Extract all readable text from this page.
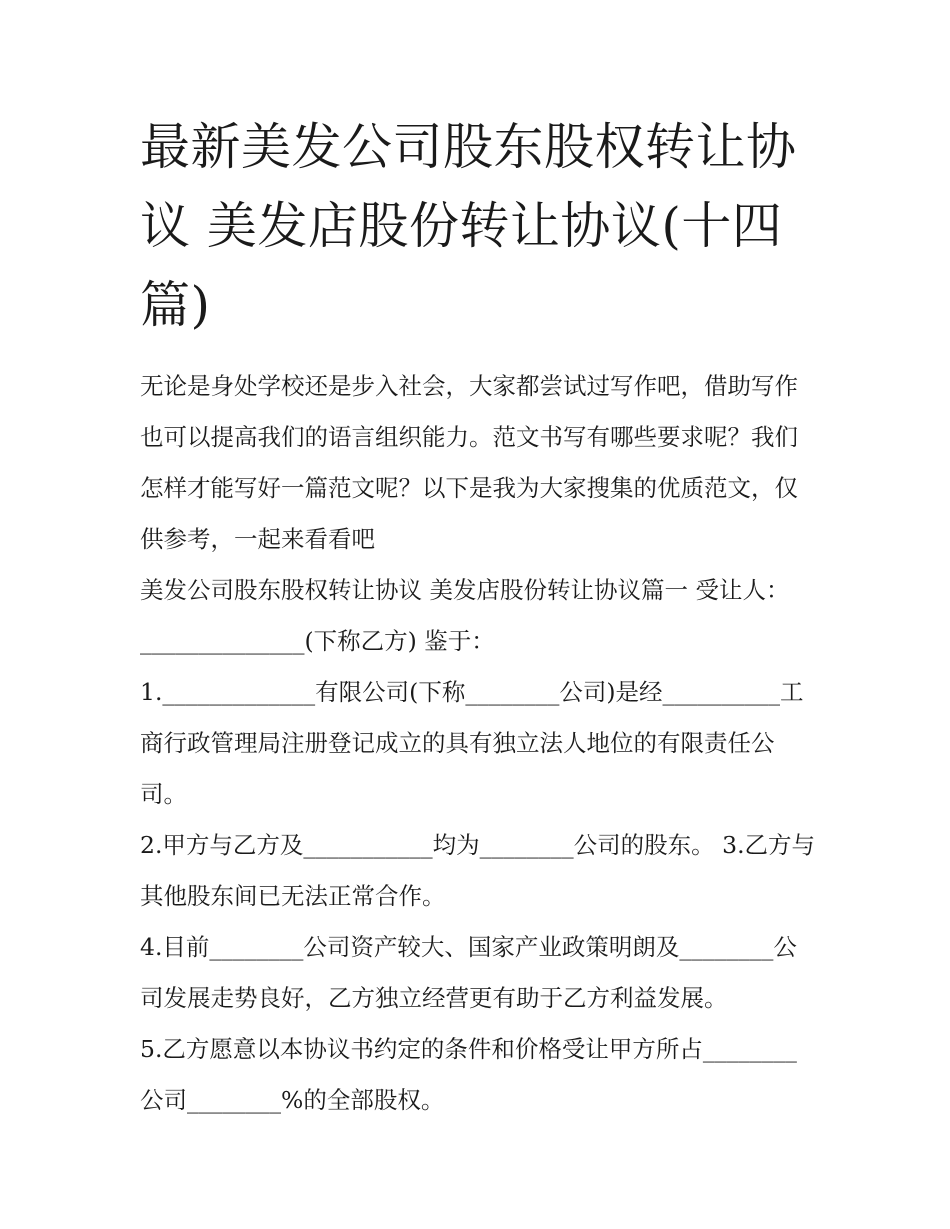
最新美发公司股东股权转让协议 美发店股份转让协议(十四篇)

无论是身处学校还是步入社会，大家都尝试过写作吧，借助写作也可以提高我们的语言组织能力。范文书写有哪些要求呢？我们怎样才能写好一篇范文呢？以下是我为大家搜集的优质范文，仅供参考，一起来看看吧

美发公司股东股权转让协议 美发店股份转让协议篇一 受让人：______________(下称乙方) 鉴于：

1._____________有限公司(下称________公司)是经__________工商行政管理局注册登记成立的具有独立法人地位的有限责任公司。

2.甲方与乙方及___________均为________公司的股东。 3.乙方与其他股东间已无法正常合作。

4.目前________公司资产较大、国家产业政策明朗及________公司发展走势良好，乙方独立经营更有助于乙方利益发展。

5.乙方愿意以本协议书约定的条件和价格受让甲方所占________公司________%的全部股权。
